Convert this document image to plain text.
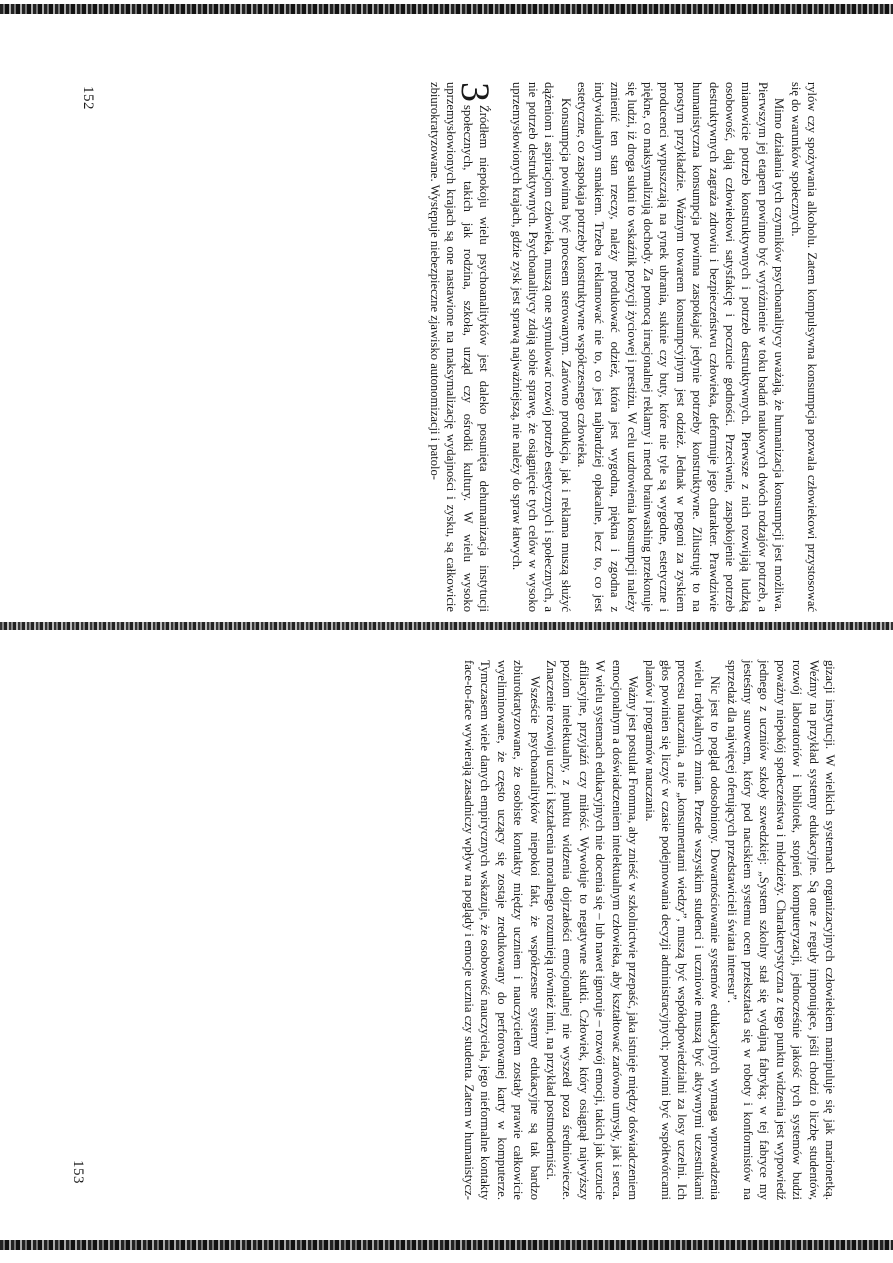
rylów czy spożywania alkoholu. Zatem kompulsywna konsumpcja pozwala człowiekowi przystosować się do warunków społecznych.

Mimo działania tych czynników psychoanalitycy uważają, że humanizacja konsumpcji jest możliwa. Pierwszym jej etapem powinno być wyróżnienie w toku badań naukowych dwóch rodzajów potrzeb, a mianowicie potrzeb konstruktywnych i potrzeb destruktywnych. Pierwsze z nich rozwijają ludzką osobowość, dają człowiekowi satysfakcję i poczucie godności. Przeciwnie, zaspokojenie potrzeb destruktywnych zagraża zdrowiu i bezpieczeństwu człowieka, deformuje jego charakter. Prawdziwie humanistyczna konsumpcja powinna zaspokajać jedynie potrzeby konstruktywne. Zilustruję to na prostym przykładzie. Ważnym towarem konsumpcyjnym jest odzież. Jednak w pogoni za zyskiem producenci wypuszczają na rynek ubrania, suknie czy buty, które nie tyle są wygodne, estetyczne i piękne, co maksymalizują dochody. Za pomocą irracjonalnej reklamy i metod brainwashing przekonuje się ludzi, iż droga sukni to wskaźnik pozycji życiowej i prestiżu. W celu uzdrowienia konsumpcji należy zmienić ten stan rzeczy, należy produkować odzież, która jest wygodna, piękna i zgodna z indywidualnym smakiem. Trzeba reklamować nie to, co jest najbardziej opłacalne, lecz to, co jest estetyczne, co zaspokaja potrzeby konstruktywne współczesnego człowieka.

Konsumpcja powinna być procesem sterowanym. Zarówno produkcja, jak i reklama muszą służyć dążeniom i aspiracjom człowieka, muszą one stymulować rozwój potrzeb estetycznych i społecznych, a nie potrzeb destruktywnych. Psychoanalitycy zdają sobie sprawę, że osiągnięcie tych celów w wysoko uprzemysłowionych krajach, gdzie zysk jest sprawą najważniejszą, nie należy do spraw łatwych.

3
Źródłem niepokoju wielu psychoanalityków jest daleko posunięta dehumanizacja instytucji społecznych, takich jak rodzina, szkoła, urząd czy ośrodki kultury. W wielu wysoko uprzemysłowionych krajach są one nastawione na maksymalizację wydajności i zysku, są całkowicie zbiurokratyzowane. Występuje niebezpieczne zjawisko autonomizacji i patolo-

152

gizacji instytucji. W wielkich systemach organizacyjnych człowiekiem manipuluje się jak marionetką. Weźmy na przykład systemy edukacyjne. Są one z reguły imponujące, jeśli chodzi o liczbę studentów, rozwój laboratoriów i bibliotek, stopień komputeryzacji, jednocześnie jakość tych systemów budzi poważny niepokój społeczeństwa i młodzieży. Charakterystyczna z tego punktu widzenia jest wypowiedź jednego z uczniów szkoły szwedzkiej: „System szkolny stał się wydajną fabryką; w tej fabryce my jesteśmy surowcem, który pod naciskiem systemu ocen przekształca się w roboty i konformistów na sprzedaż dla najwięcej oferujących przedstawicieli świata interesu”.

Nic jest to pogląd odosobniony. Dowartościowanie systemów edukacyjnych wymaga wprowadzenia wielu radykalnych zmian. Przede wszystkim studenci i uczniowie muszą być aktywnymi uczestnikami procesu nauczania, a nie „konsumentami wiedzy”, muszą być współodpowiedzialni za losy uczelni. Ich głos powinien się liczyć w czasie podejmowania decyzji administracyjnych; powinni być współtwórcami planów i programów nauczania.

Ważny jest postulat Fromma, aby znieść w szkolnictwie przepaść, jaka istnieje między doświadczeniem emocjonalnym a doświadczeniem intelektualnym człowieka, aby kształtować zarówno umysły, jak i serca. W wielu systemach edukacyjnych nie docenia się – lub nawet ignoruje – rozwój emocji, takich jak uczucie afiliacyjne, przyjaźń czy miłość. Wywołuje to negatywne skutki. Człowiek, który osiągnął najwyższy poziom intelektualny, z punktu widzenia dojrzałości emocjonalnej nie wyszedł poza średniowiecze. Znaczenie rozwoju uczuć i kształcenia moralnego rozumieją również inni, na przykład postmoderniści.

Wszeście psychoanalityków niepokoi fakt, że współczesne systemy edukacyjne są tak bardzo zbiurokratyzowane, że osobiste kontakty między uczniem i nauczycielem zostały prawie całkowicie wyeliminowane, że często uczący się zostaje zredukowany do perforowanej karty w komputerze. Tymczasem wiele danych empirycznych wskazuje, że osobowość nauczyciela, jego nieformalne kontakty face-to-face wywierają zasadniczy wpływ na poglądy i emocje ucznia czy studenta. Zatem w humanistycz-

153
